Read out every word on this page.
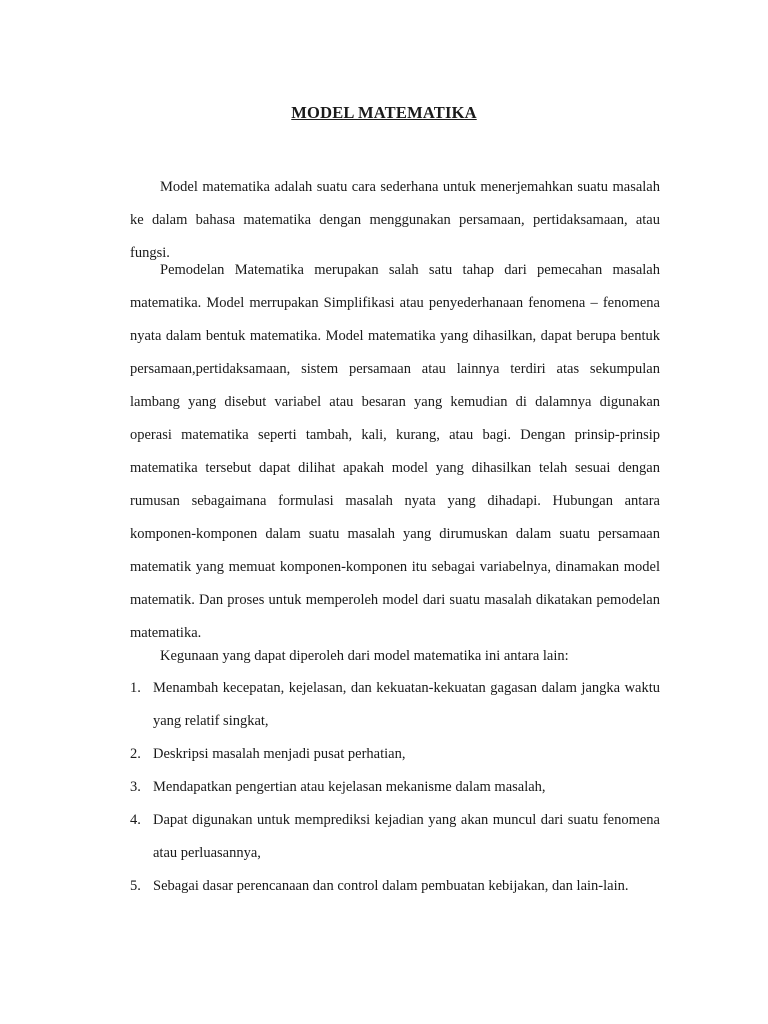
MODEL MATEMATIKA

Model matematika adalah suatu cara sederhana untuk menerjemahkan suatu masalah ke dalam bahasa matematika dengan menggunakan persamaan, pertidaksamaan, atau fungsi.

Pemodelan Matematika merupakan salah satu tahap dari pemecahan masalah matematika. Model merrupakan Simplifikasi atau penyederhanaan fenomena – fenomena nyata dalam bentuk matematika. Model matematika yang dihasilkan, dapat berupa bentuk persamaan,pertidaksamaan, sistem persamaan atau lainnya terdiri atas sekumpulan lambang yang disebut variabel atau besaran yang kemudian di dalamnya digunakan operasi matematika seperti tambah, kali, kurang, atau bagi. Dengan prinsip-prinsip matematika tersebut dapat dilihat apakah model yang dihasilkan telah sesuai dengan rumusan sebagaimana formulasi masalah nyata yang dihadapi. Hubungan antara komponen-komponen dalam suatu masalah yang dirumuskan dalam suatu persamaan matematik yang memuat komponen-komponen itu sebagai variabelnya, dinamakan model matematik. Dan proses untuk memperoleh model dari suatu masalah dikatakan pemodelan matematika.

Kegunaan yang dapat diperoleh dari model matematika ini antara lain:

1. Menambah kecepatan, kejelasan, dan kekuatan-kekuatan gagasan dalam jangka waktu yang relatif singkat,
2. Deskripsi masalah menjadi pusat perhatian,
3. Mendapatkan pengertian atau kejelasan mekanisme dalam masalah,
4. Dapat digunakan untuk memprediksi kejadian yang akan muncul dari suatu fenomena atau perluasannya,
5. Sebagai dasar perencanaan dan control dalam pembuatan kebijakan, dan lain-lain.
